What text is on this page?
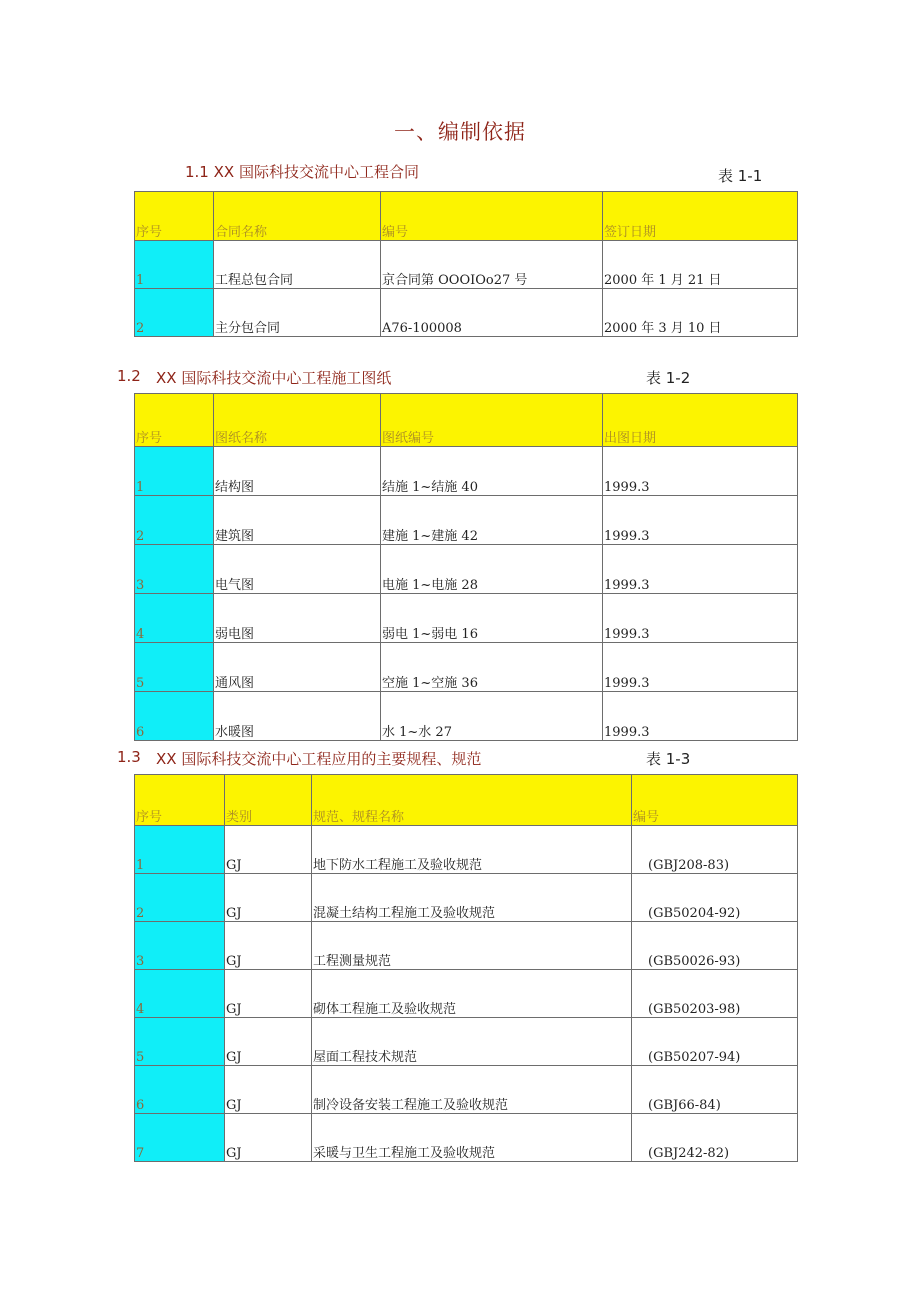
一、编制依据
1.1 XX 国际科技交流中心工程合同	表 1-1
序号	合同名称	编号	签订日期
1	工程总包合同	京合同第 OOOIOo27 号	2000 年 1 月 21 日
2	主分包合同	A76-100008	2000 年 3 月 10 日
1.2 XX 国际科技交流中心工程施工图纸	表 1-2
序号	图纸名称	图纸编号	出图日期
1	结构图	结施 1~结施 40	1999.3
2	建筑图	建施 1~建施 42	1999.3
3	电气图	电施 1~电施 28	1999.3
4	弱电图	弱电 1~弱电 16	1999.3
5	通风图	空施 1~空施 36	1999.3
6	水暖图	水 1~水 27	1999.3
1.3 XX 国际科技交流中心工程应用的主要规程、规范	表 1-3
序号	类别	规范、规程名称	编号
1	GJ	地下防水工程施工及验收规范	(GBJ208-83)
2	GJ	混凝土结构工程施工及验收规范	(GB50204-92)
3	GJ	工程测量规范	(GB50026-93)
4	GJ	砌体工程施工及验收规范	(GB50203-98)
5	GJ	屋面工程技术规范	(GB50207-94)
6	GJ	制冷设备安装工程施工及验收规范	(GBJ66-84)
7	GJ	采暖与卫生工程施工及验收规范	(GBJ242-82)
